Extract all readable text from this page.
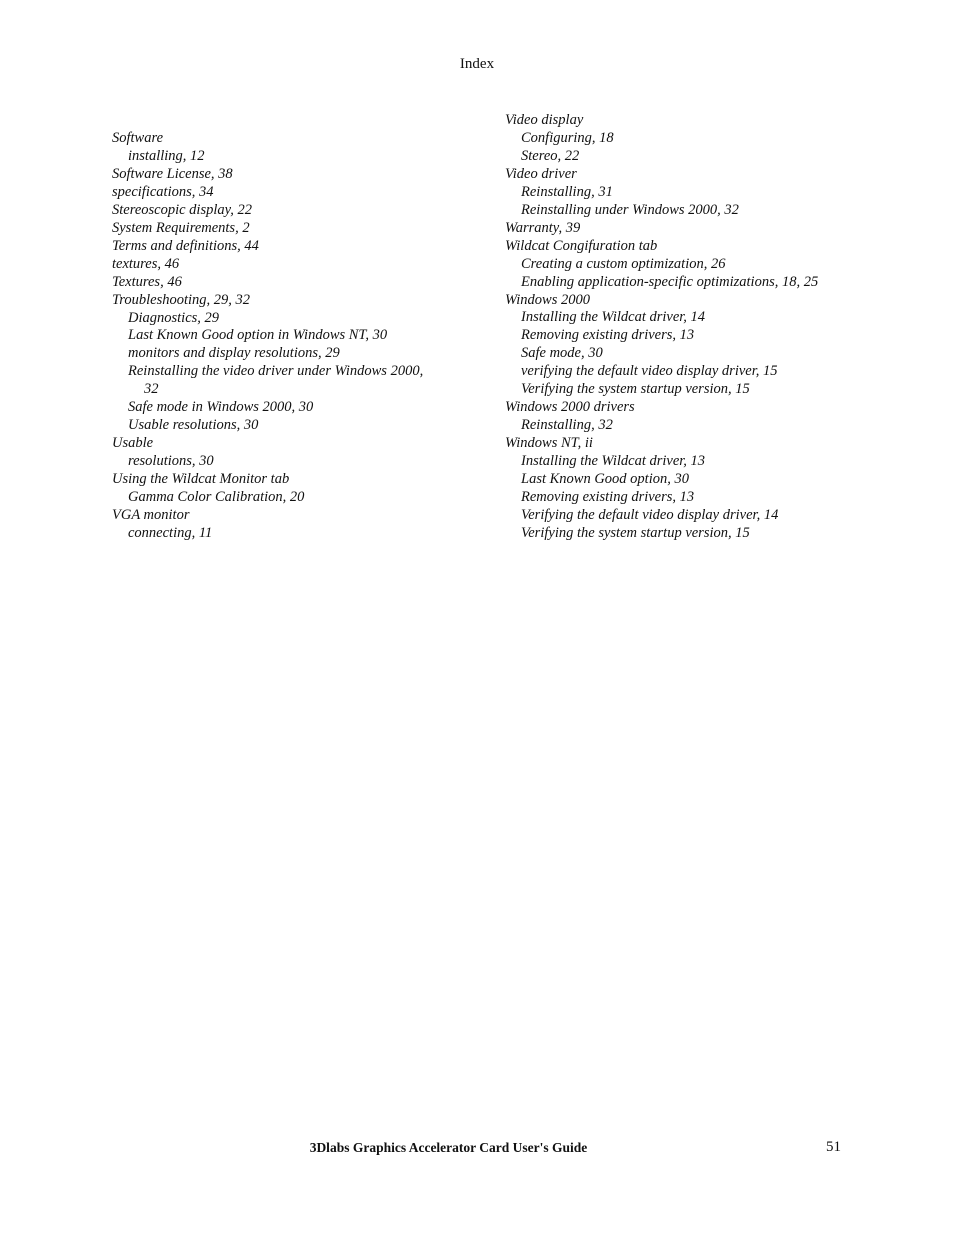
Index
Software
installing, 12
Software License, 38
specifications, 34
Stereoscopic display, 22
System Requirements, 2
Terms and definitions, 44
textures, 46
Textures, 46
Troubleshooting, 29, 32
Diagnostics, 29
Last Known Good option in Windows NT, 30
monitors and display resolutions, 29
Reinstalling the video driver under Windows 2000,
32
Safe mode in Windows 2000, 30
Usable resolutions, 30
Usable
resolutions, 30
Using the Wildcat Monitor tab
Gamma Color Calibration, 20
VGA monitor
connecting, 11
Video display
Configuring, 18
Stereo, 22
Video driver
Reinstalling, 31
Reinstalling under Windows 2000, 32
Warranty, 39
Wildcat Congifuration tab
Creating a custom optimization, 26
Enabling application-specific optimizations, 18, 25
Windows 2000
Installing the Wildcat driver, 14
Removing existing drivers, 13
Safe mode, 30
verifying the default video display driver, 15
Verifying the system startup version, 15
Windows 2000 drivers
Reinstalling, 32
Windows NT, ii
Installing the Wildcat driver, 13
Last Known Good option, 30
Removing existing drivers, 13
Verifying the default video display driver, 14
Verifying the system startup version, 15
3Dlabs Graphics Accelerator Card User's Guide	51
